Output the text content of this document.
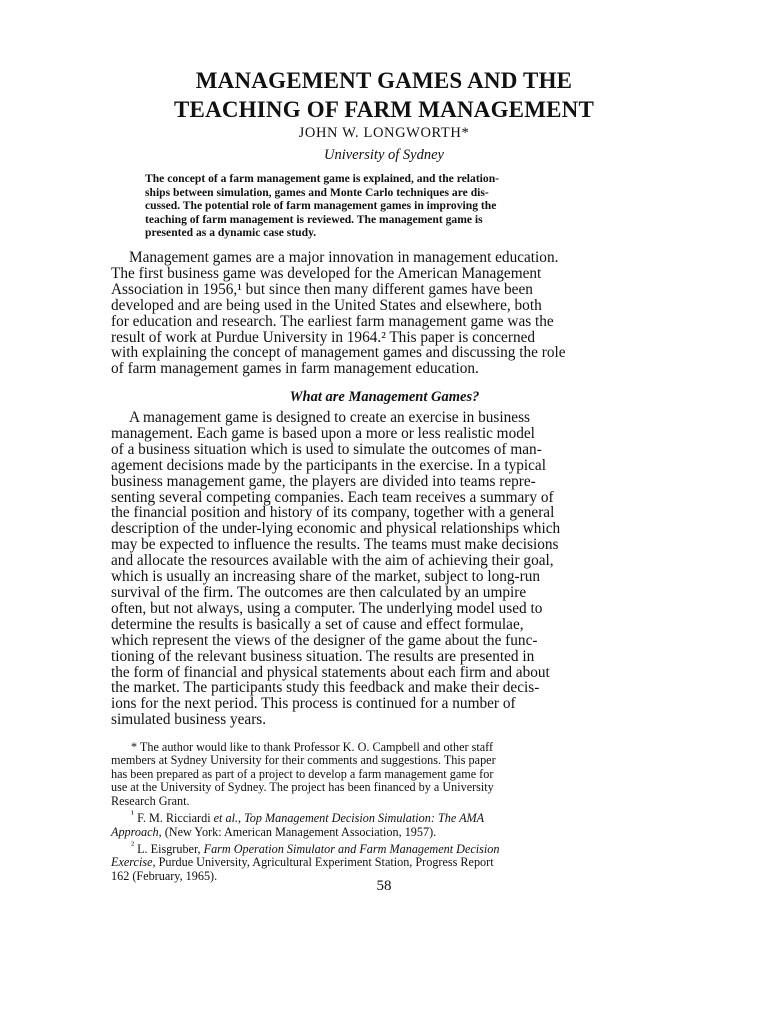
MANAGEMENT GAMES AND THE
TEACHING OF FARM MANAGEMENT

JOHN W. LONGWORTH*

University of Sydney

The concept of a farm management game is explained, and the relation-
ships between simulation, games and Monte Carlo techniques are dis-
cussed. The potential role of farm management games in improving the
teaching of farm management is reviewed. The management game is
presented as a dynamic case study.

Management games are a major innovation in management education.
The first business game was developed for the American Management
Association in 1956,¹ but since then many different games have been
developed and are being used in the United States and elsewhere, both
for education and research. The earliest farm management game was the
result of work at Purdue University in 1964.² This paper is concerned
with explaining the concept of management games and discussing the role
of farm management games in farm management education.

What are Management Games?

A management game is designed to create an exercise in business
management. Each game is based upon a more or less realistic model
of a business situation which is used to simulate the outcomes of man-
agement decisions made by the participants in the exercise. In a typical
business management game, the players are divided into teams repre-
senting several competing companies. Each team receives a summary of
the financial position and history of its company, together with a general
description of the under-lying economic and physical relationships which
may be expected to influence the results. The teams must make decisions
and allocate the resources available with the aim of achieving their goal,
which is usually an increasing share of the market, subject to long-run
survival of the firm. The outcomes are then calculated by an umpire
often, but not always, using a computer. The underlying model used to
determine the results is basically a set of cause and effect formulae,
which represent the views of the designer of the game about the func-
tioning of the relevant business situation. The results are presented in
the form of financial and physical statements about each firm and about
the market. The participants study this feedback and make their decis-
ions for the next period. This process is continued for a number of
simulated business years.

* The author would like to thank Professor K. O. Campbell and other staff
members at Sydney University for their comments and suggestions. This paper
has been prepared as part of a project to develop a farm management game for
use at the University of Sydney. The project has been financed by a University
Research Grant.
$^{^1}$ F. M. Ricciardi et al., Top Management Decision Simulation: The AMA
Approach, (New York: American Management Association, 1957).
$^{^2}$ L. Eisgruber, Farm Operation Simulator and Farm Management Decision
Exercise, Purdue University, Agricultural Experiment Station, Progress Report
162 (February, 1965).

58
